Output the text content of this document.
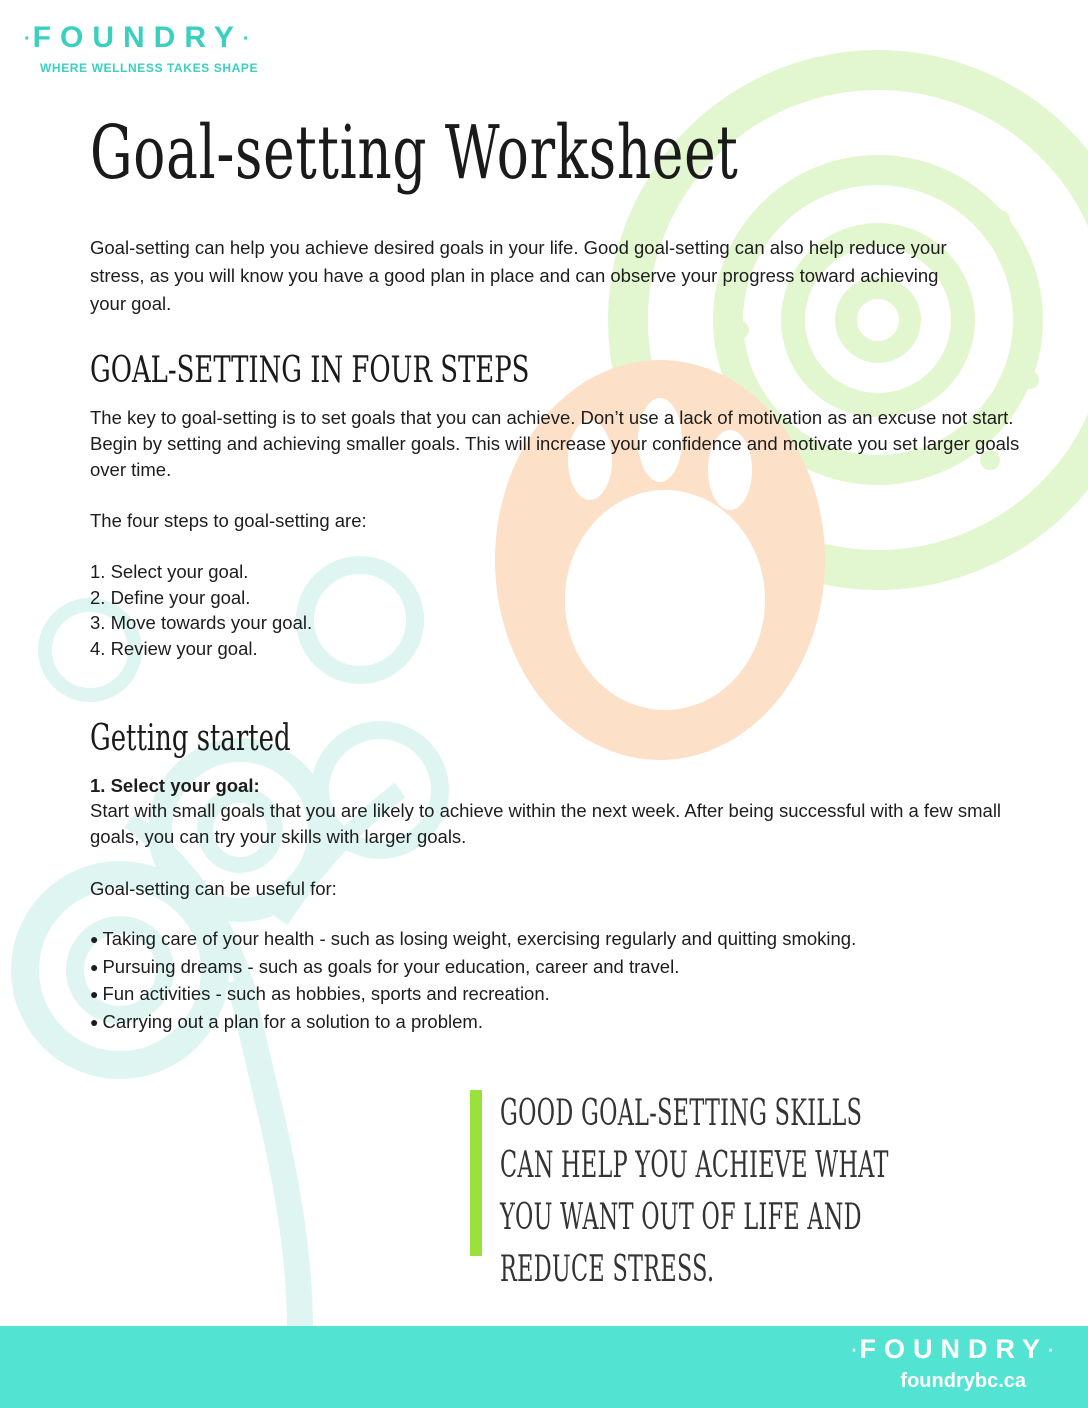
·FOUNDRY·
WHERE WELLNESS TAKES SHAPE
Goal-setting Worksheet

Goal-setting can help you achieve desired goals in your life. Good goal-setting can also help reduce your stress, as you will know you have a good plan in place and can observe your progress toward achieving your goal.

GOAL-SETTING IN FOUR STEPS

The key to goal-setting is to set goals that you can achieve. Don’t use a lack of motivation as an excuse not start. Begin by setting and achieving smaller goals. This will increase your confidence and motivate you set larger goals over time.

The four steps to goal-setting are:

1. Select your goal.
2. Define your goal.
3. Move towards your goal.
4. Review your goal.
Getting started

1. Select your goal:

Start with small goals that you are likely to achieve within the next week. After being successful with a few small goals, you can try your skills with larger goals.

Goal-setting can be useful for:

● Taking care of your health - such as losing weight, exercising regularly and quitting smoking.
● Pursuing dreams - such as goals for your education, career and travel.
● Fun activities - such as hobbies, sports and recreation.
● Carrying out a plan for a solution to a problem.

GOOD GOAL-SETTING SKILLS CAN HELP YOU ACHIEVE WHAT YOU WANT OUT OF LIFE AND REDUCE STRESS.

·FOUNDRY·
foundrybc.ca
